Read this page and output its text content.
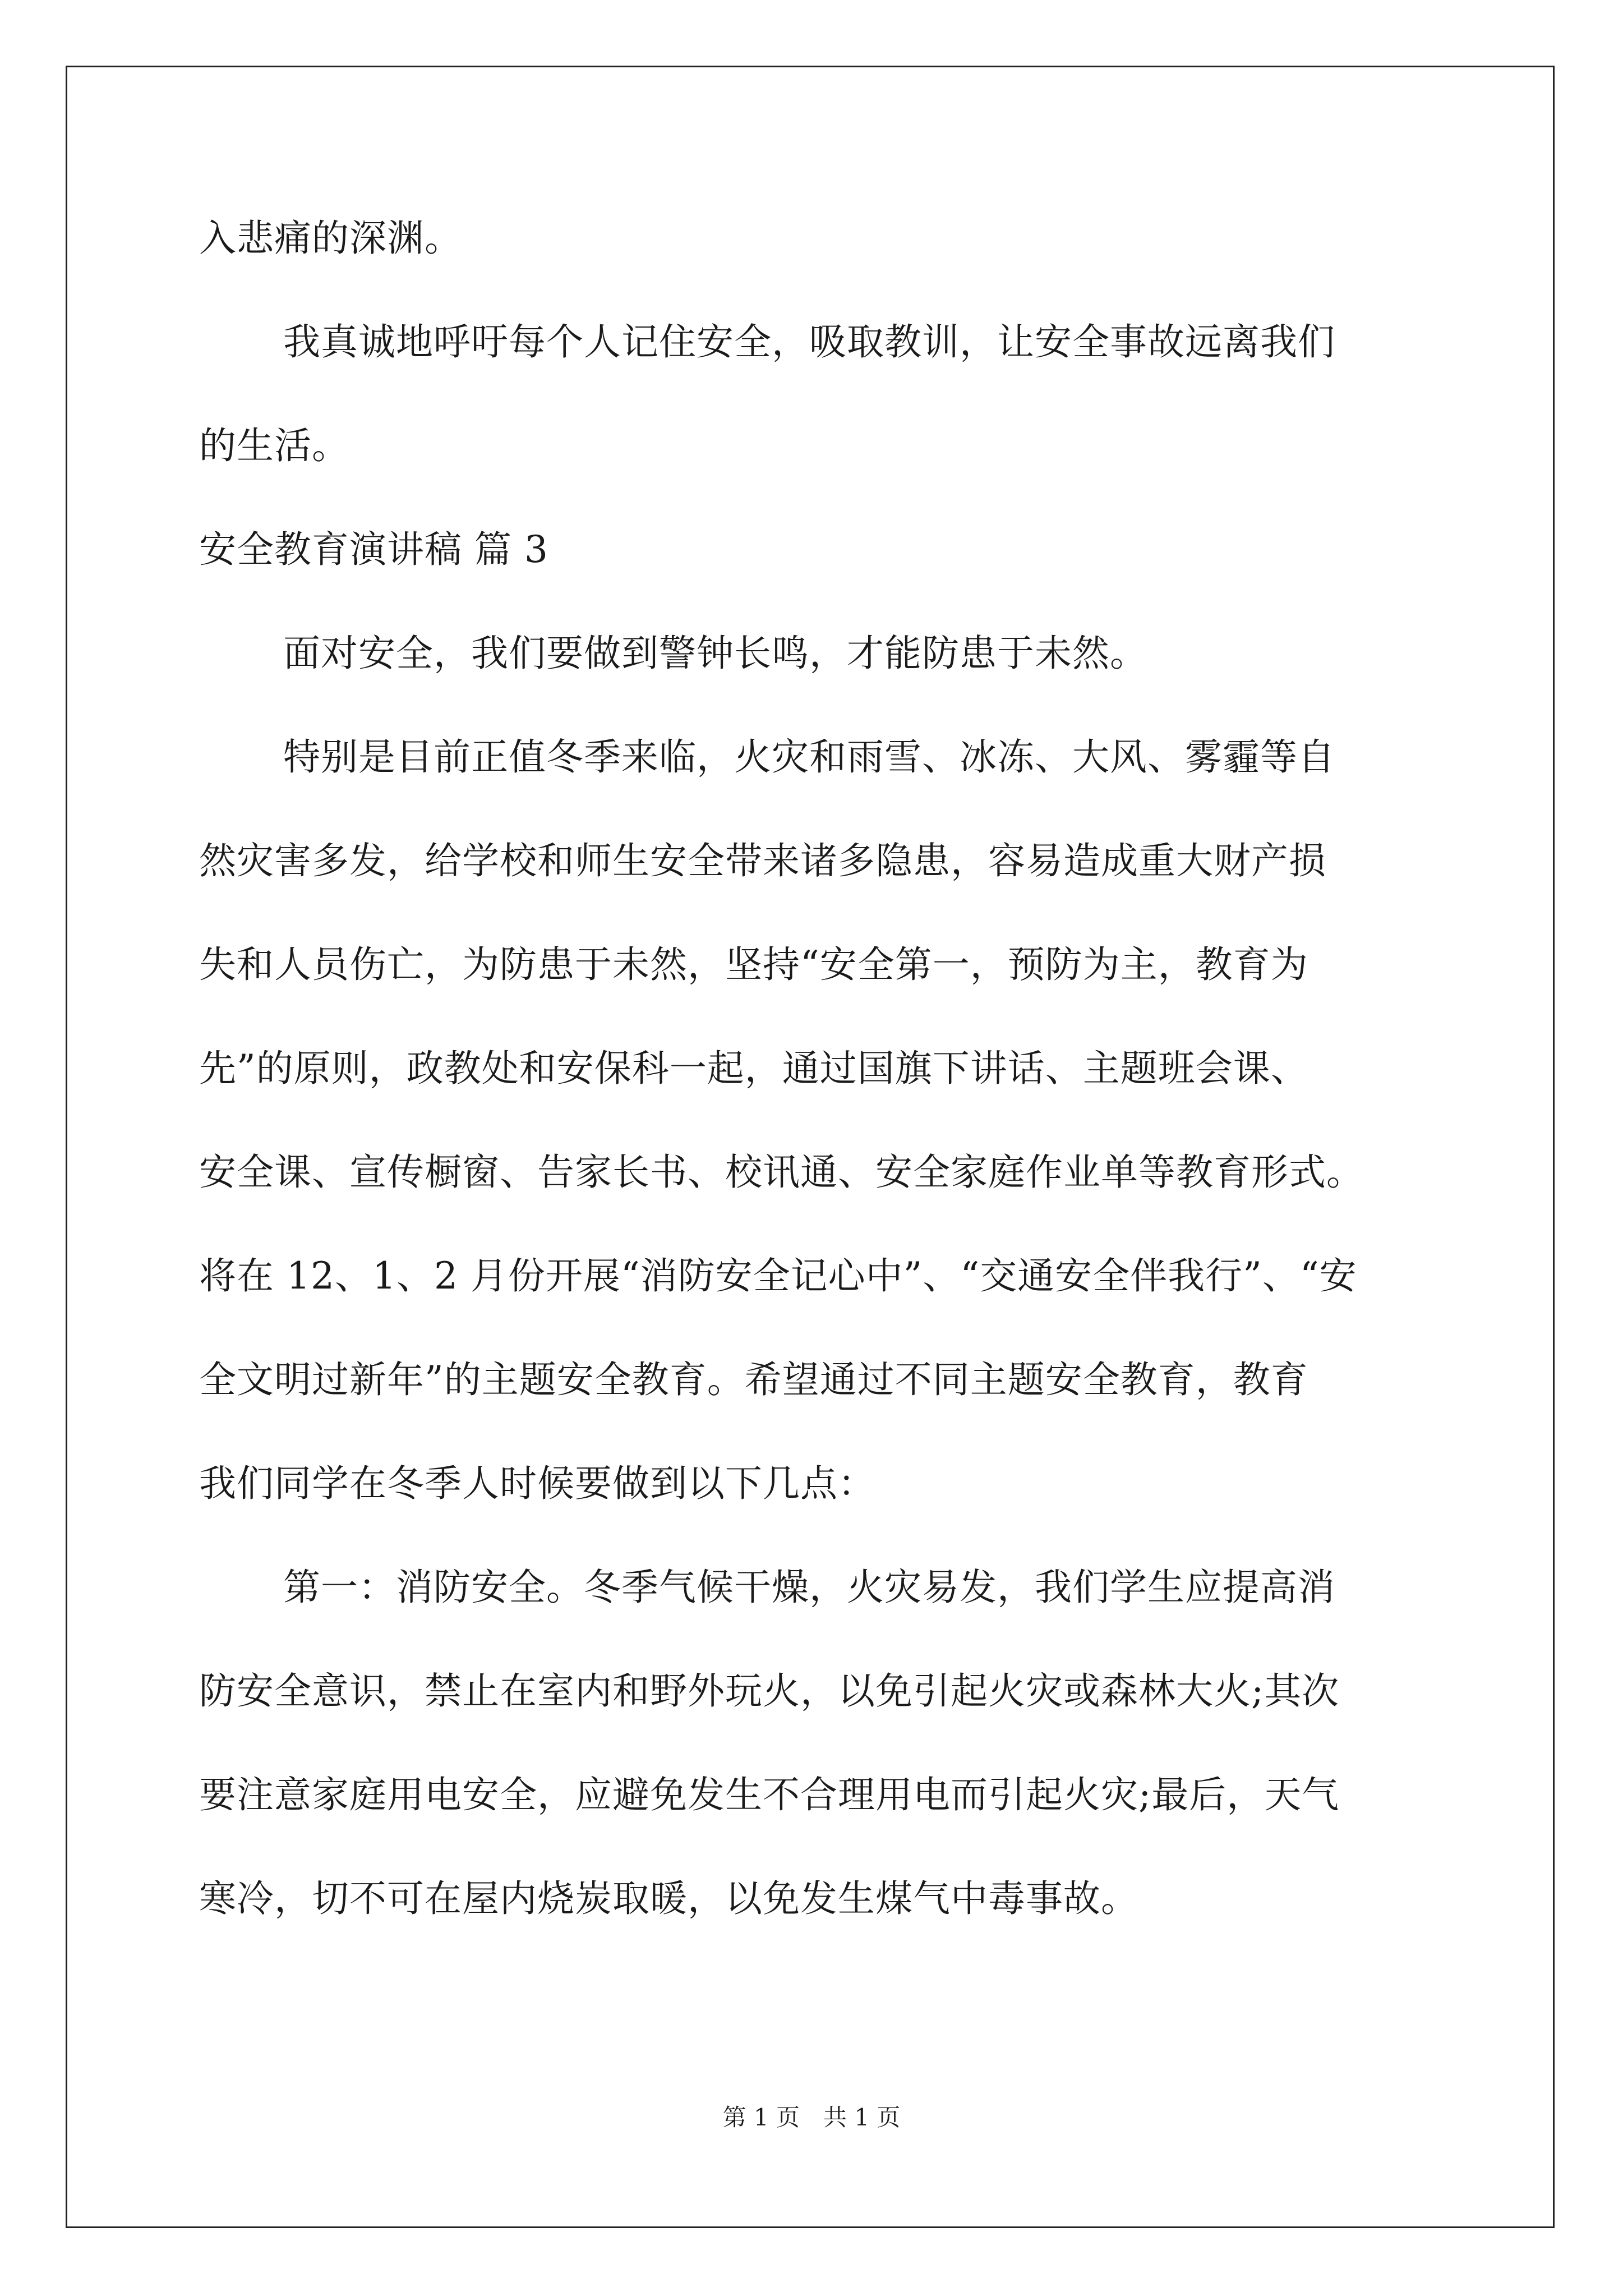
入悲痛的深渊。
我真诚地呼吁每个人记住安全，吸取教训，让安全事故远离我们
的生活。
安全教育演讲稿 篇 3
面对安全，我们要做到警钟长鸣，才能防患于未然。
特别是目前正值冬季来临，火灾和雨雪、冰冻、大风、雾霾等自
然灾害多发，给学校和师生安全带来诸多隐患，容易造成重大财产损
失和人员伤亡，为防患于未然，坚持“安全第一，预防为主，教育为
先”的原则，政教处和安保科一起，通过国旗下讲话、主题班会课、
安全课、宣传橱窗、告家长书、校讯通、安全家庭作业单等教育形式。
将在 12、1、2 月份开展“消防安全记心中”、“交通安全伴我行”、“安
全文明过新年”的主题安全教育。希望通过不同主题安全教育，教育
我们同学在冬季人时候要做到以下几点：
第一：消防安全。冬季气候干燥，火灾易发，我们学生应提高消
防安全意识，禁止在室内和野外玩火，以免引起火灾或森林大火;其次
要注意家庭用电安全，应避免发生不合理用电而引起火灾;最后，天气
寒冷，切不可在屋内烧炭取暖，以免发生煤气中毒事故。
第 1 页　共 1 页
